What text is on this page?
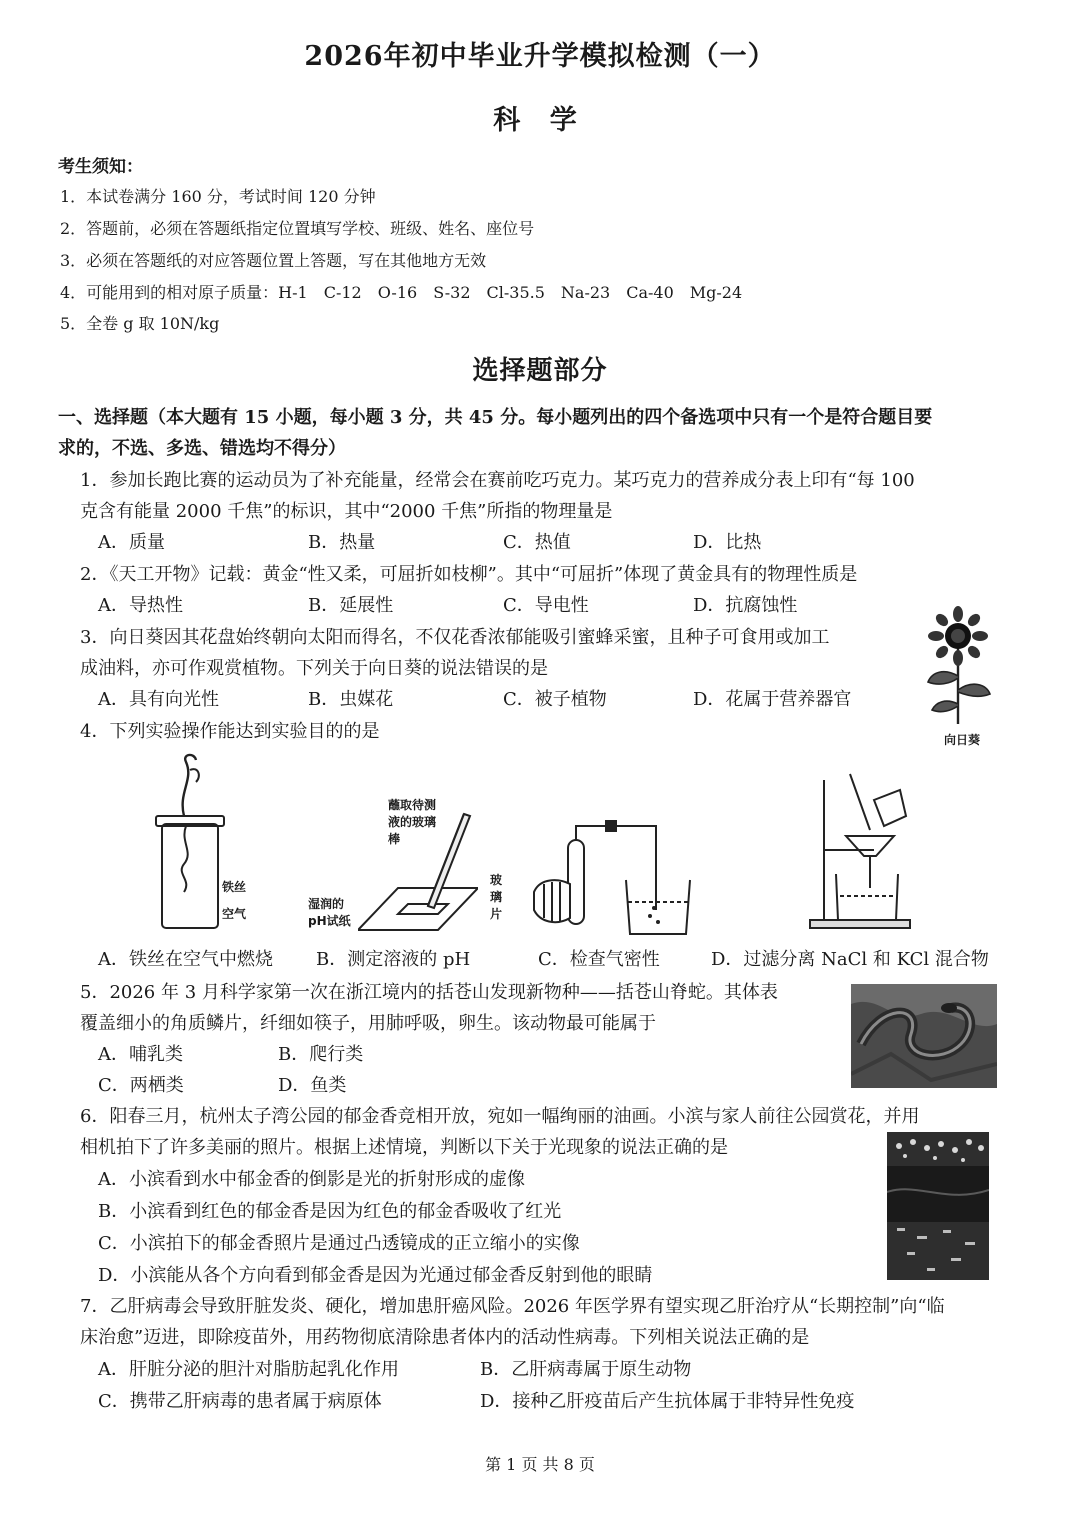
2026年初中毕业升学模拟检测（一）
科 学
考生须知：
1．本试卷满分 160 分，考试时间 120 分钟
2．答题前，必须在答题纸指定位置填写学校、班级、姓名、座位号
3．必须在答题纸的对应答题位置上答题，写在其他地方无效
4．可能用到的相对原子质量：H-1　C-12　O-16　S-32　Cl-35.5　Na-23　Ca-40　Mg-24
5．全卷 g 取 10N/kg
选择题部分
一、选择题（本大题有 15 小题，每小题 3 分，共 45 分。每小题列出的四个备选项中只有一个是符合题目要
求的，不选、多选、错选均不得分）
1．参加长跑比赛的运动员为了补充能量，经常会在赛前吃巧克力。某巧克力的营养成分表上印有“每 100
克含有能量 2000 千焦”的标识，其中“2000 千焦”所指的物理量是
A．质量	B．热量	C．热值	D．比热
2．《天工开物》记载：黄金“性又柔，可屈折如枝柳”。其中“可屈折”体现了黄金具有的物理性质是
A．导热性	B．延展性	C．导电性	D．抗腐蚀性
3．向日葵因其花盘始终朝向太阳而得名，不仅花香浓郁能吸引蜜蜂采蜜，且种子可食用或加工
成油料，亦可作观赏植物。下列关于向日葵的说法错误的是
A．具有向光性	B．虫媒花	C．被子植物	D．花属于营养器官
向日葵
4．下列实验操作能达到实验目的的是
铁丝
空气
蘸取待测液的玻璃棒
湿润的pH试纸
玻璃片
A．铁丝在空气中燃烧 B．测定溶液的 pH	C．检查气密性	D．过滤分离 NaCl 和 KCl 混合物
5．2026 年 3 月科学家第一次在浙江境内的括苍山发现新物种——括苍山脊蛇。其体表
覆盖细小的角质鳞片，纤细如筷子，用肺呼吸，卵生。该动物最可能属于
A．哺乳类	B．爬行类
C．两栖类	D．鱼类
6．阳春三月，杭州太子湾公园的郁金香竞相开放，宛如一幅绚丽的油画。小滨与家人前往公园赏花，并用
相机拍下了许多美丽的照片。根据上述情境，判断以下关于光现象的说法正确的是
A．小滨看到水中郁金香的倒影是光的折射形成的虚像
B．小滨看到红色的郁金香是因为红色的郁金香吸收了红光
C．小滨拍下的郁金香照片是通过凸透镜成的正立缩小的实像
D．小滨能从各个方向看到郁金香是因为光通过郁金香反射到他的眼睛
7．乙肝病毒会导致肝脏发炎、硬化，增加患肝癌风险。2026 年医学界有望实现乙肝治疗从“长期控制”向“临
床治愈”迈进，即除疫苗外，用药物彻底清除患者体内的活动性病毒。下列相关说法正确的是
A．肝脏分泌的胆汁对脂肪起乳化作用	B．乙肝病毒属于原生动物
C．携带乙肝病毒的患者属于病原体	D．接种乙肝疫苗后产生抗体属于非特异性免疫
第 1 页 共 8 页
